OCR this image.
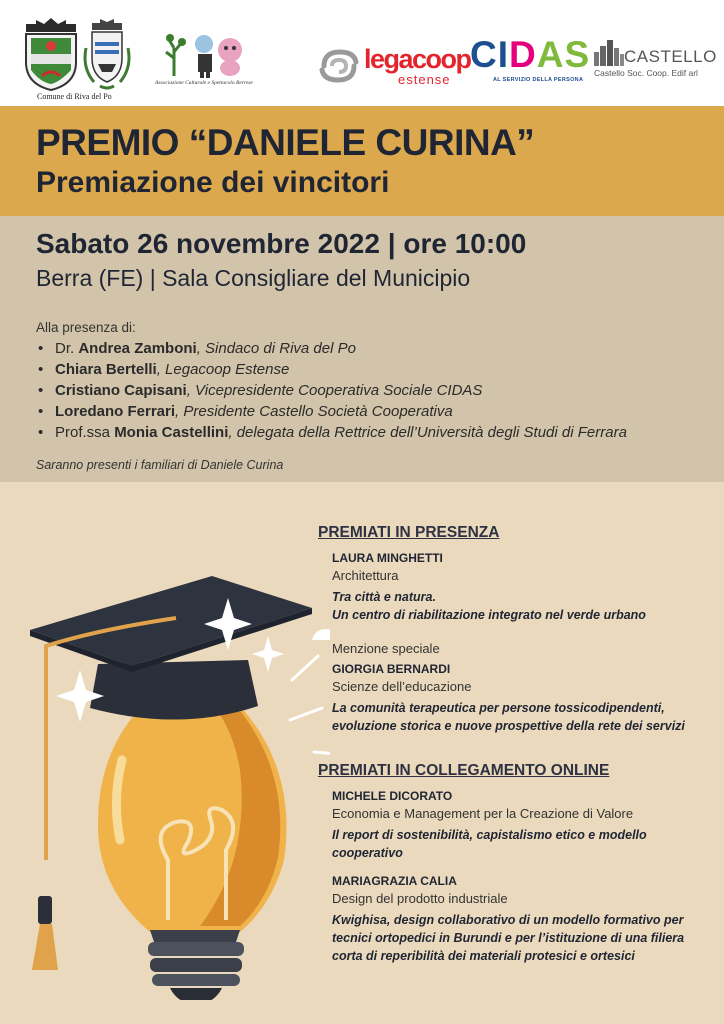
Comune di Riva del Po
Associazione Culturale e Spettacolo Berrese
legacoop
estense
CIDAS
AL SERVIZIO DELLA PERSONA
CASTELLO
Castello Soc. Coop. Edif arl
PREMIO “DANIELE CURINA”
Premiazione dei vincitori
Sabato 26 novembre 2022 | ore 10:00
Berra (FE) | Sala Consigliare del Municipio
Alla presenza di:
• Dr. Andrea Zamboni, Sindaco di Riva del Po
• Chiara Bertelli, Legacoop Estense
• Cristiano Capisani, Vicepresidente Cooperativa Sociale CIDAS
• Loredano Ferrari, Presidente Castello Società Cooperativa
• Prof.ssa Monia Castellini, delegata della Rettrice dell’Università degli Studi di Ferrara
Saranno presenti i familiari di Daniele Curina
PREMIATI IN PRESENZA
LAURA MINGHETTI
Architettura
Tra città e natura.
Un centro di riabilitazione integrato nel verde urbano
Menzione speciale
GIORGIA BERNARDI
Scienze dell’educazione
La comunità terapeutica per persone tossicodipendenti,
evoluzione storica e nuove prospettive della rete dei servizi
PREMIATI IN COLLEGAMENTO ONLINE
MICHELE DICORATO
Economia e Management per la Creazione di Valore
Il report di sostenibilità, capistalismo etico e modello
cooperativo
MARIAGRAZIA CALIA
Design del prodotto industriale
Kwighisa, design collaborativo di un modello formativo per
tecnici ortopedici in Burundi e per l’istituzione di una filiera
corta di reperibilità dei materiali protesici e ortesici
